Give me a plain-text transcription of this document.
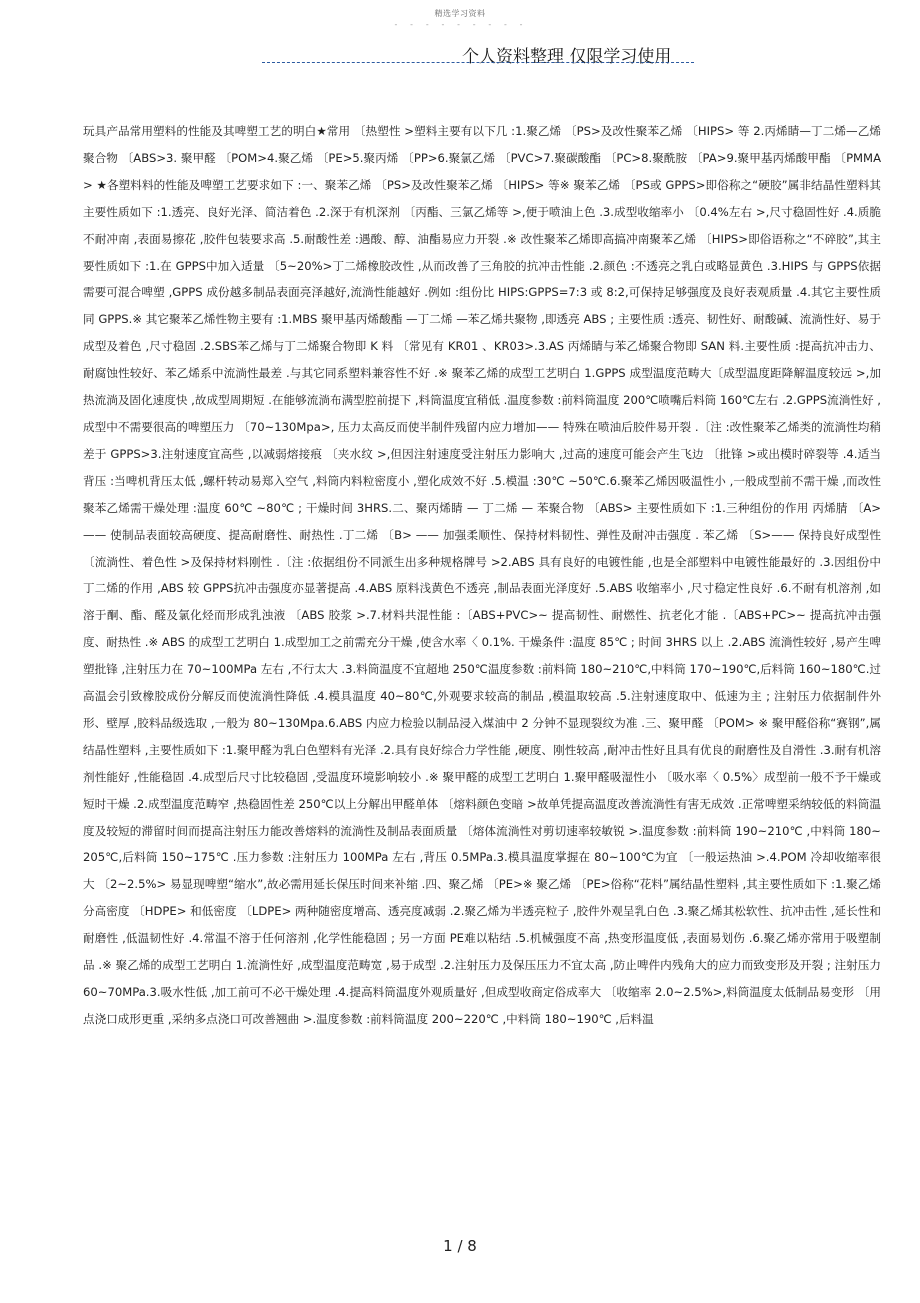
精选学习资料
- - - - - - - - -
个人资料整理 仅限学习使用

玩具产品常用塑料的性能及其啤塑工艺的明白★常用 〔热塑性 >塑料主要有以下几 :1.聚乙烯 〔PS>及改性聚苯乙烯 〔HIPS> 等 2.丙烯睛—丁二烯—乙烯聚合物 〔ABS>3. 聚甲醛 〔POM>4.聚乙烯 〔PE>5.聚丙烯 〔PP>6.聚氯乙烯 〔PVC>7.聚碳酸酯 〔PC>8.聚酰胺 〔PA>9.聚甲基丙烯酸甲酯 〔PMMA> ★各塑料料的性能及啤塑工艺要求如下 :一、聚苯乙烯 〔PS>及改性聚苯乙烯 〔HIPS> 等※ 聚苯乙烯 〔PS或 GPPS>即俗称之“硬胶”属非结晶性塑料其主要性质如下 :1.透亮、良好光泽、简洁着色 .2.深于有机深剂 〔丙酯、三氯乙烯等 >,便于喷油上色 .3.成型收缩率小 〔0.4%左右 >,尺寸稳固性好 .4.质脆不耐冲南 ,表面易擦花 ,胶件包装要求高 .5.耐酸性差 :遇酸、醇、油酯易应力开裂 .※ 改性聚苯乙烯即高搞冲南聚苯乙烯 〔HIPS>即俗语称之“不碎胶”,其主要性质如下 :1.在 GPPS中加入适量 〔5~20%>丁二烯橡胶改性 ,从而改善了三角胶的抗冲击性能 .2.颜色 :不透亮之乳白或略显黄色 .3.HIPS 与 GPPS依据需要可混合啤塑 ,GPPS 成份越多制品表面亮泽越好,流淌性能越好 .例如 :组份比 HIPS:GPPS=7:3 或 8:2,可保持足够强度及良好表观质量 .4.其它主要性质同 GPPS.※ 其它聚苯乙烯性物主要有 :1.MBS 聚甲基丙烯酸酯 —丁二烯 —苯乙烯共聚物 ,即透亮 ABS ; 主要性质 :透亮、韧性好、耐酸碱、流淌性好、易于成型及着色 ,尺寸稳固 .2.SBS苯乙烯与丁二烯聚合物即 K 料 〔常见有 KR01 、KR03>.3.AS 丙烯睛与苯乙烯聚合物即 SAN 料.主要性质 :提高抗冲击力、耐腐蚀性较好、苯乙烯系中流淌性最差 .与其它同系塑料兼容性不好 .※ 聚苯乙烯的成型工艺明白 1.GPPS 成型温度范畴大〔成型温度距降解温度较远 >,加热流淌及固化速度快 ,故成型周期短 .在能够流淌布满型腔前提下 ,料筒温度宜稍低 .温度参数 :前料筒温度 200℃喷嘴后料筒 160℃左右 .2.GPPS流淌性好 ,成型中不需要很高的啤塑压力 〔70~130Mpa>, 压力太高反而使半制件残留内应力增加—— 特殊在喷油后胶件易开裂 .〔注 :改性聚苯乙烯类的流淌性均稍差于 GPPS>3.注射速度宜高些 ,以减弱熔接痕 〔夹水纹 >,但因注射速度受注射压力影响大 ,过高的速度可能会产生飞边 〔批锋 >或出模时碎裂等 .4.适当背压 :当啤机背压太低 ,螺杆转动易郑入空气 ,料筒内料粒密度小 ,塑化成效不好 .5.模温 :30℃ ~50℃.6.聚苯乙烯因吸温性小 ,一般成型前不需干燥 ,而改性聚苯乙烯需干燥处理 :温度 60℃ ~80℃ ; 干燥时间 3HRS.二、聚丙烯睛 — 丁二烯 — 苯聚合物 〔ABS> 主要性质如下 :1.三种组份的作用 丙烯腈 〔A> —— 使制品表面较高硬度、提高耐磨性、耐热性 .丁二烯 〔B> —— 加强柔顺性、保持材料韧性、弹性及耐冲击强度 . 苯乙烯 〔S>—— 保持良好成型性 〔流淌性、着色性 >及保持材料刚性 .〔注 :依据组份不同派生出多种规格牌号 >2.ABS 具有良好的电镀性能 ,也是全部塑料中电镀性能最好的 .3.因组份中丁二烯的作用 ,ABS 较 GPPS抗冲击强度亦显著提高 .4.ABS 原料浅黄色不透亮 ,制品表面光泽度好 .5.ABS 收缩率小 ,尺寸稳定性良好 .6.不耐有机溶剂 ,如溶于酮、酯、醛及氯化烃而形成乳浊液 〔ABS 胶浆 >.7.材料共混性能 :〔ABS+PVC>~ 提高韧性、耐燃性、抗老化才能 .〔ABS+PC>~ 提高抗冲击强度、耐热性 .※ ABS 的成型工艺明白 1.成型加工之前需充分干燥 ,使含水率〈 0.1%. 干燥条件 :温度 85℃ ; 时间 3HRS 以上 .2.ABS 流淌性较好 ,易产生啤塑批锋 ,注射压力在 70~100MPa 左右 ,不行太大 .3.料筒温度不宜超地 250℃温度参数 :前料筒 180~210℃,中料筒 170~190℃,后料筒 160~180℃.过高温会引致橡胶成份分解反而使流淌性降低 .4.模具温度 40~80℃,外观要求较高的制品 ,模温取较高 .5.注射速度取中、低速为主 ; 注射压力依据制件外形、壁厚 ,胶料品级选取 ,一般为 80~130Mpa.6.ABS 内应力检验以制品浸入煤油中 2 分钟不显现裂纹为准 .三、聚甲醛 〔POM> ※ 聚甲醛俗称“赛钢”,属结晶性塑料 ,主要性质如下 :1.聚甲醛为乳白色塑料有光泽 .2.具有良好综合力学性能 ,硬度、刚性较高 ,耐冲击性好且具有优良的耐磨性及自滑性 .3.耐有机溶剂性能好 ,性能稳固 .4.成型后尺寸比较稳固 ,受温度环境影响较小 .※ 聚甲醛的成型工艺明白 1.聚甲醛吸湿性小 〔吸水率〈 0.5%〉成型前一般不予干燥或短时干燥 .2.成型温度范畴窄 ,热稳固性差 250℃以上分解出甲醛单体 〔熔料颜色变暗 >故单凭提高温度改善流淌性有害无成效 .正常啤塑采纳较低的料筒温度及较短的滞留时间而提高注射压力能改善熔料的流淌性及制品表面质量 〔熔体流淌性对剪切速率较敏锐 >.温度参数 :前料筒 190~210℃ ,中料筒 180~205℃,后料筒 150~175℃ .压力参数 :注射压力 100MPa 左右 ,背压 0.5MPa.3.模具温度掌握在 80~100℃为宜 〔一般运热油 >.4.POM 冷却收缩率很大 〔2~2.5%> 易显现啤塑“缩水”,故必需用延长保压时间来补缩 .四、聚乙烯 〔PE>※ 聚乙烯 〔PE>俗称“花料”属结晶性塑料 ,其主要性质如下 :1.聚乙烯分高密度 〔HDPE> 和低密度 〔LDPE> 两种随密度增高、透亮度减弱 .2.聚乙烯为半透亮粒子 ,胶件外观呈乳白色 .3.聚乙烯其松软性、抗冲击性 ,延长性和耐磨性 ,低温韧性好 .4.常温不溶于任何溶剂 ,化学性能稳固 ; 另一方面 PE难以粘结 .5.机械强度不高 ,热变形温度低 ,表面易划伤 .6.聚乙烯亦常用于吸塑制品 .※ 聚乙烯的成型工艺明白 1.流淌性好 ,成型温度范畴宽 ,易于成型 .2.注射压力及保压压力不宜太高 ,防止啤件内残角大的应力而致变形及开裂 ; 注射压力 60~70MPa.3.吸水性低 ,加工前可不必干燥处理 .4.提高料筒温度外观质量好 ,但成型收商定俗成率大 〔收缩率 2.0~2.5%>,料筒温度太低制品易变形 〔用点浇口成形更重 ,采纳多点浇口可改善翘曲 >.温度参数 :前料筒温度 200~220℃ ,中料筒 180~190℃ ,后料温

1 / 8
